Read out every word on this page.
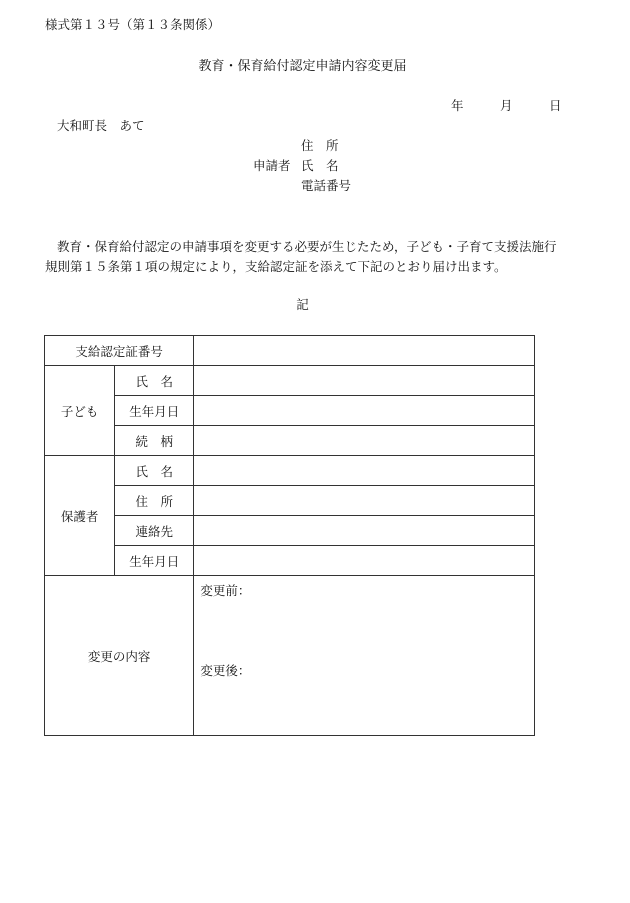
様式第１３号（第１３条関係）
教育・保育給付認定申請内容変更届
年	月	日
大和町長　あて
住　所
申請者 氏　名
電話番号
教育・保育給付認定の申請事項を変更する必要が生じたため，子ども・子育て支援法施行規則第１５条第１項の規定により，支給認定証を添えて下記のとおり届け出ます。
記
支給認定証番号		
子ども	氏　名	
	生年月日	
	続　柄	
保護者	氏　名	
	住　所	
	連絡先	
	生年月日	
変更の内容		変更前：
変更後：
